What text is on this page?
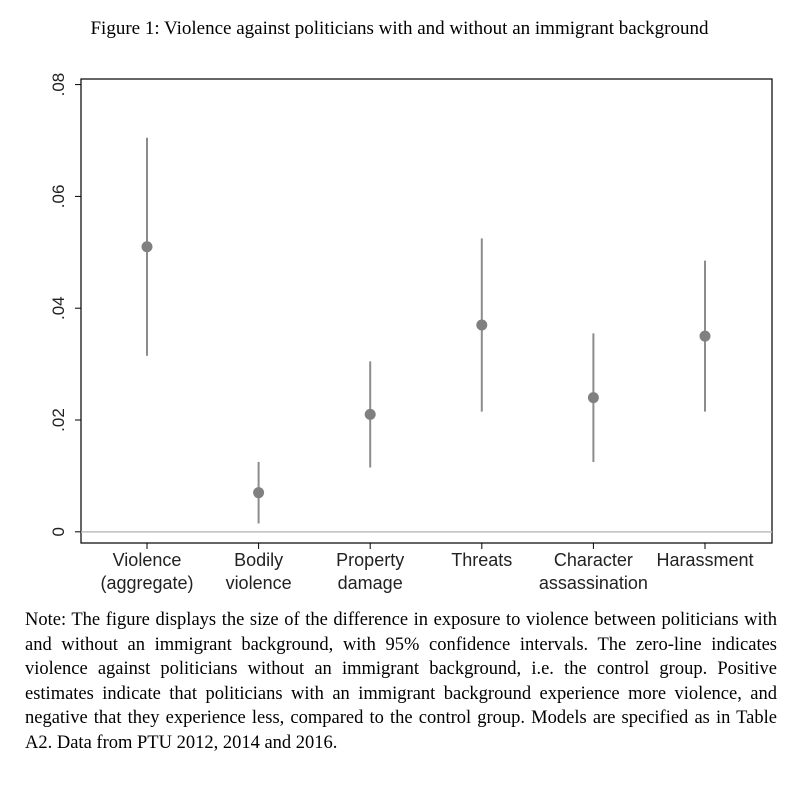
Figure 1: Violence against politicians with and without an immigrant background
0
.02
.04
.06
.08
Violence
(aggregate)
Bodily
violence
Property
damage
Threats Character
assassination
Harassment
Note: The figure displays the size of the difference in exposure to violence between politicians with and without an immigrant background, with 95% confidence intervals. The zero-line indicates violence against politicians without an immigrant background, i.e. the control group. Positive estimates indicate that politicians with an immigrant background experience more violence, and negative that they experience less, compared to the control group. Models are specified as in Table A2. Data from PTU 2012, 2014 and 2016.
